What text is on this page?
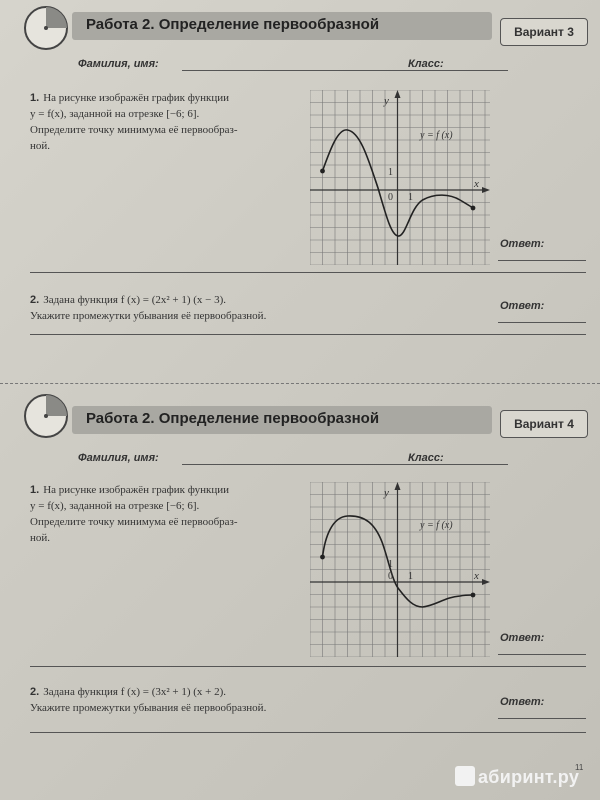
Работа 2. Определение первообразной	Вариант 3
Фамилия, имя:	Класс:
1. На рисунке изображён график функции
y = f(x), заданной на отрезке [−6; 6].
Определите точку минимума её первообраз-
ной.
y
x
0 1
1
y = f (x)
Ответ:
2. Задана функция f (x) = (2x² + 1) (x − 3).
Укажите промежутки убывания её первообразной.
Ответ:
Работа 2. Определение первообразной	Вариант 4
Фамилия, имя:	Класс:
1. На рисунке изображён график функции
y = f(x), заданной на отрезке [−6; 6].
Определите точку минимума её первообраз-
ной.
y
x
0 1
1
y = f (x)
Ответ:
2. Задана функция f (x) = (3x² + 1) (x + 2).
Укажите промежутки убывания её первообразной.	Ответ:
11
абиринт.ру
